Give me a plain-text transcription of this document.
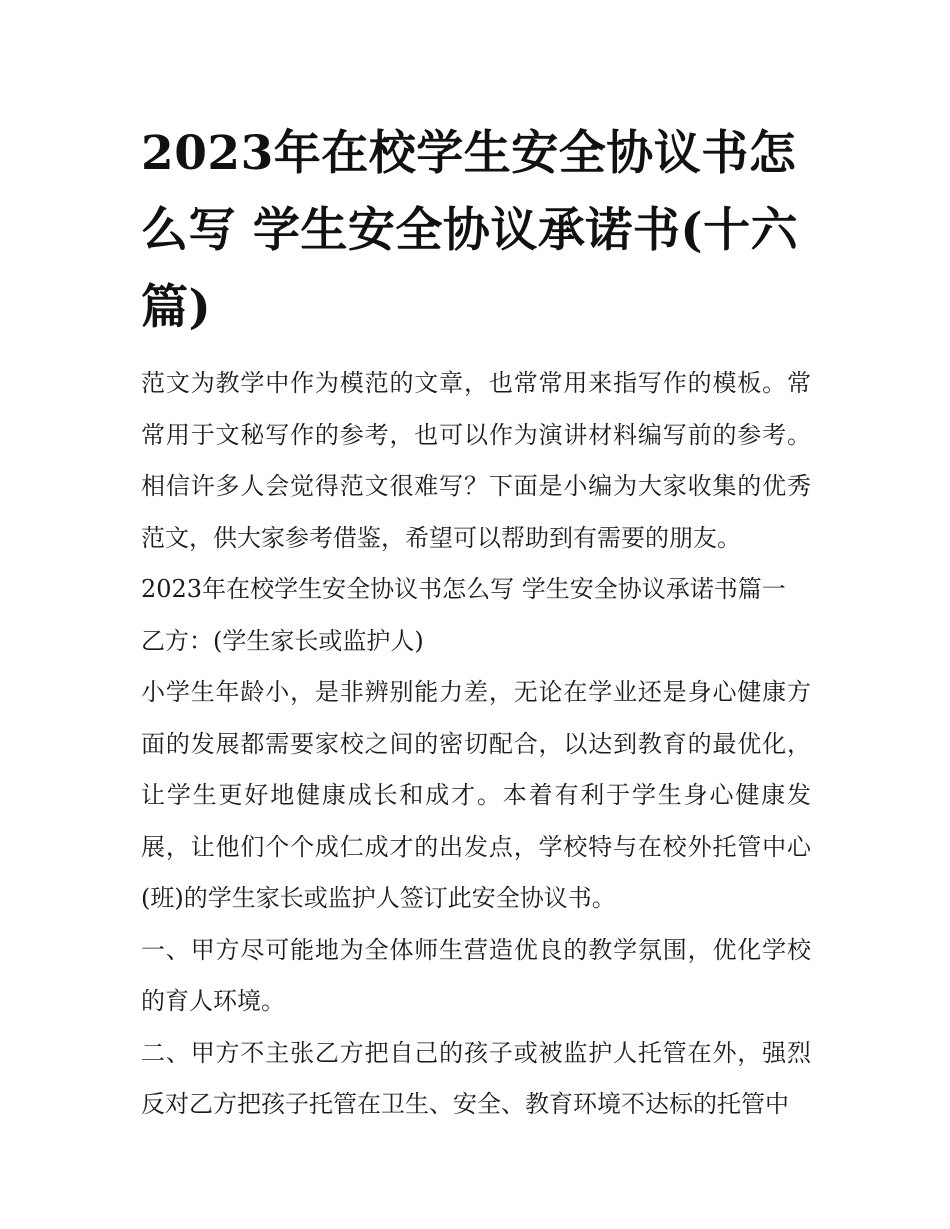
2023年在校学生安全协议书怎么写 学生安全协议承诺书(十六篇)

范文为教学中作为模范的文章，也常常用来指写作的模板。常常用于文秘写作的参考，也可以作为演讲材料编写前的参考。相信许多人会觉得范文很难写？下面是小编为大家收集的优秀范文，供大家参考借鉴，希望可以帮助到有需要的朋友。

2023年在校学生安全协议书怎么写 学生安全协议承诺书篇一

乙方：(学生家长或监护人)

小学生年龄小，是非辨别能力差，无论在学业还是身心健康方面的发展都需要家校之间的密切配合，以达到教育的最优化，让学生更好地健康成长和成才。本着有利于学生身心健康发展，让他们个个成仁成才的出发点，学校特与在校外托管中心(班)的学生家长或监护人签订此安全协议书。

一、甲方尽可能地为全体师生营造优良的教学氛围，优化学校的育人环境。

二、甲方不主张乙方把自己的孩子或被监护人托管在外，强烈反对乙方把孩子托管在卫生、安全、教育环境不达标的托管中
